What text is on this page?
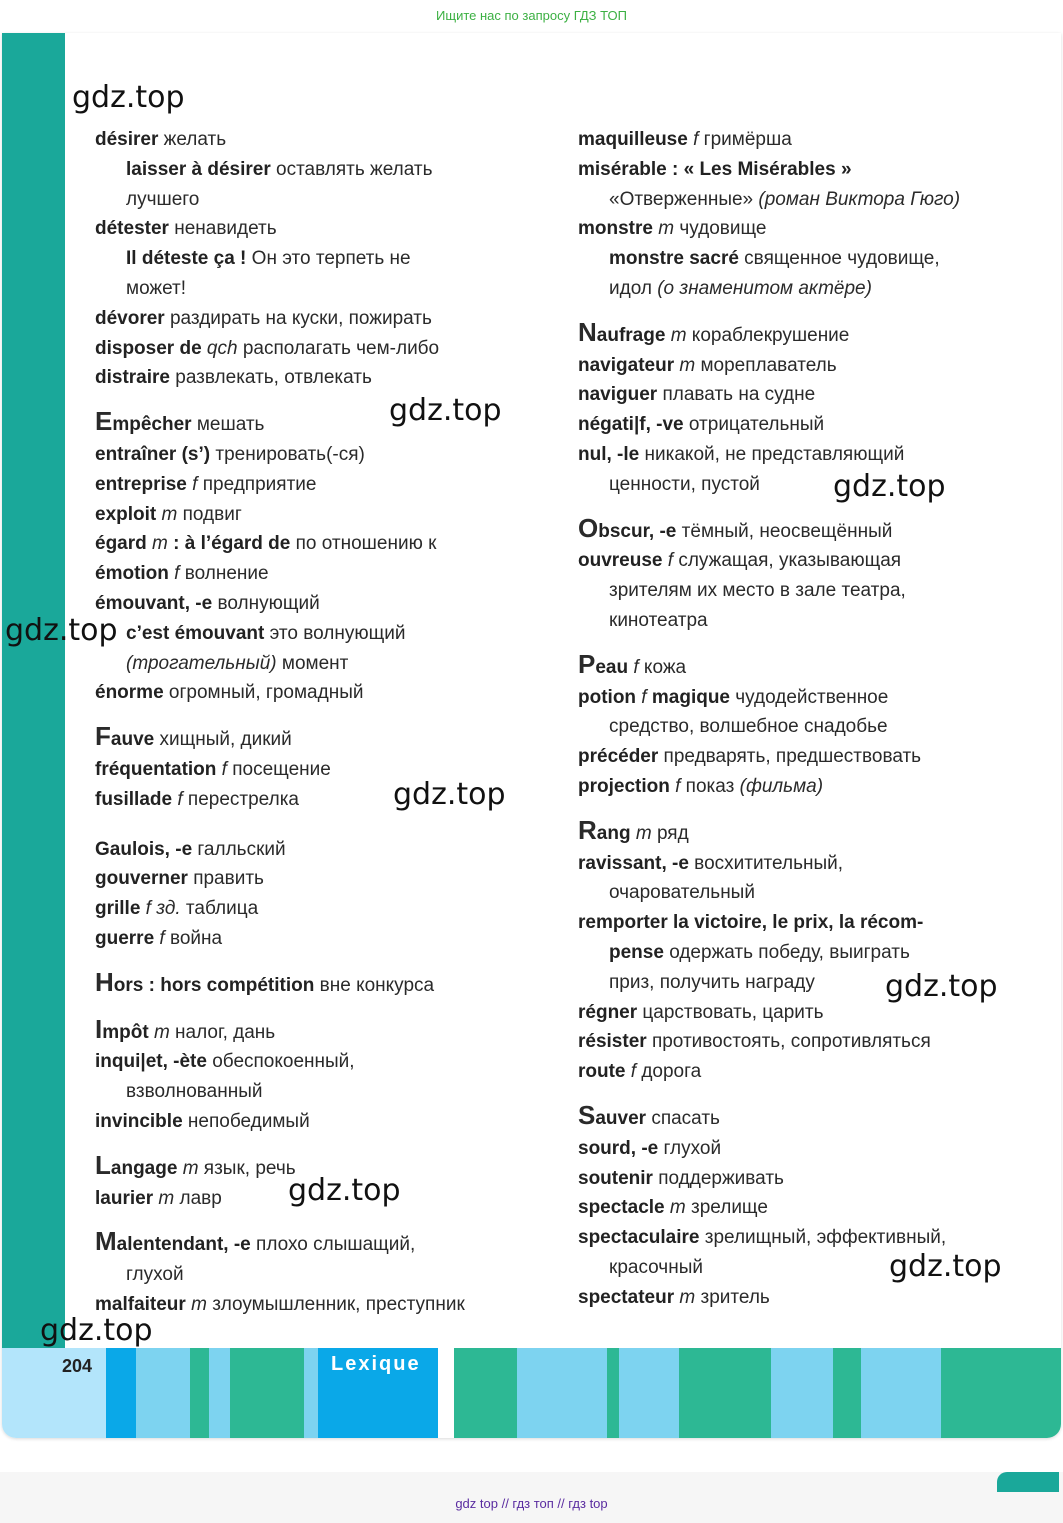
Ищите нас по запросу ГДЗ ТОП
désirer желать
laisser à désirer оставлять желать
лучшего
détester ненавидеть
Il déteste ça ! Он это терпеть не
может!
dévorer раздирать на куски, пожирать
disposer de qch располагать чем-либо
distraire развлекать, отвлекать
Empêcher мешать
entraîner (s’) тренировать(-ся)
entreprise f предприятие
exploit m подвиг
égard m : à l’égard de по отношению к
émotion f волнение
émouvant, -e волнующий
c’est émouvant это волнующий
(трогательный) момент
énorme огромный, громадный
Fauve хищный, дикий
fréquentation f посещение
fusillade f перестрелка
Gaulois, -e галльский
gouverner править
grille f зд. таблица
guerre f война
Hors : hors compétition вне конкурса
Impôt m налог, дань
inqui|et, -ète обеспокоенный,
взволнованный
invincible непобедимый
Langage m язык, речь
laurier m лавр
Malentendant, -e плохо слышащий,
глухой
malfaiteur m злоумышленник, преступник
maquilleuse f гримёрша
misérable : « Les Misérables »
«Отверженные» (роман Виктора Гюго)
monstre m чудовище
monstre sacré священное чудовище,
идол (о знаменитом актёре)
Naufrage m кораблекрушение
navigateur m мореплаватель
naviguer плавать на судне
négati|f, -ve отрицательный
nul, -le никакой, не представляющий
ценности, пустой
Obscur, -e тёмный, неосвещённый
ouvreuse f служащая, указывающая
зрителям их место в зале театра,
кинотеатра
Peau f кожа
potion f magique чудодейственное
средство, волшебное снадобье
précéder предварять, предшествовать
projection f показ (фильма)
Rang m ряд
ravissant, -e восхитительный,
очаровательный
remporter la victoire, le prix, la récom-
pense одержать победу, выиграть
приз, получить награду
régner царствовать, царить
résister противостоять, сопротивляться
route f дорога
Sauver спасать
sourd, -e глухой
soutenir поддерживать
spectacle m зрелище
spectaculaire зрелищный, эффективный,
красочный
spectateur m зритель
gdz.top
gdz.top
gdz.top
gdz.top
gdz.top
gdz.top
gdz.top
gdz.top
gdz.top
204	Lexique
gdz top // гдз топ // гдз top
